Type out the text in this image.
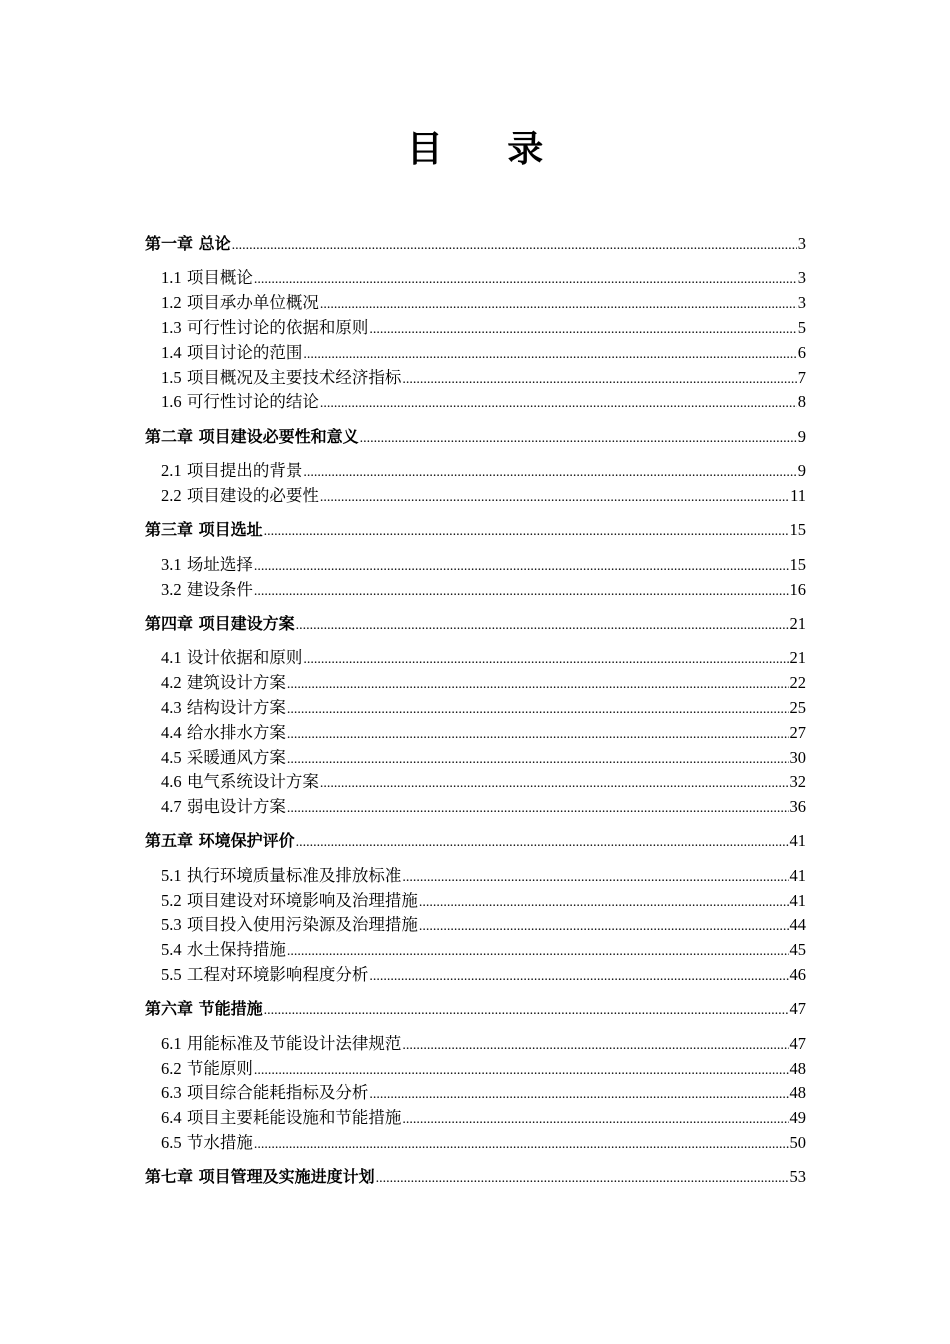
目 录
第一章 总论 .....	3
1.1 项目概论 .....	3
1.2 项目承办单位概况 .....	3
1.3 可行性讨论的依据和原则 .....	5
1.4 项目讨论的范围 .....	6
1.5 项目概况及主要技术经济指标 .....	7
1.6 可行性讨论的结论 .....	8
第二章 项目建设必要性和意义 .....	9
2.1 项目提出的背景 .....	9
2.2 项目建设的必要性 .....	11
第三章 项目选址 .....	15
3.1 场址选择 .....	15
3.2 建设条件 .....	16
第四章 项目建设方案 .....	21
4.1 设计依据和原则 .....	21
4.2 建筑设计方案 .....	22
4.3 结构设计方案 .....	25
4.4 给水排水方案 .....	27
4.5 采暖通风方案 .....	30
4.6 电气系统设计方案 .....	32
4.7 弱电设计方案 .....	36
第五章 环境保护评价 .....	41
5.1 执行环境质量标准及排放标准 .....	41
5.2 项目建设对环境影响及治理措施 .....	41
5.3 项目投入使用污染源及治理措施 .....	44
5.4 水土保持措施 .....	45
5.5 工程对环境影响程度分析 .....	46
第六章 节能措施 .....	47
6.1 用能标准及节能设计法律规范 .....	47
6.2 节能原则 .....	48
6.3 项目综合能耗指标及分析 .....	48
6.4 项目主要耗能设施和节能措施 .....	49
6.5 节水措施 .....	50
第七章 项目管理及实施进度计划 .....	53
